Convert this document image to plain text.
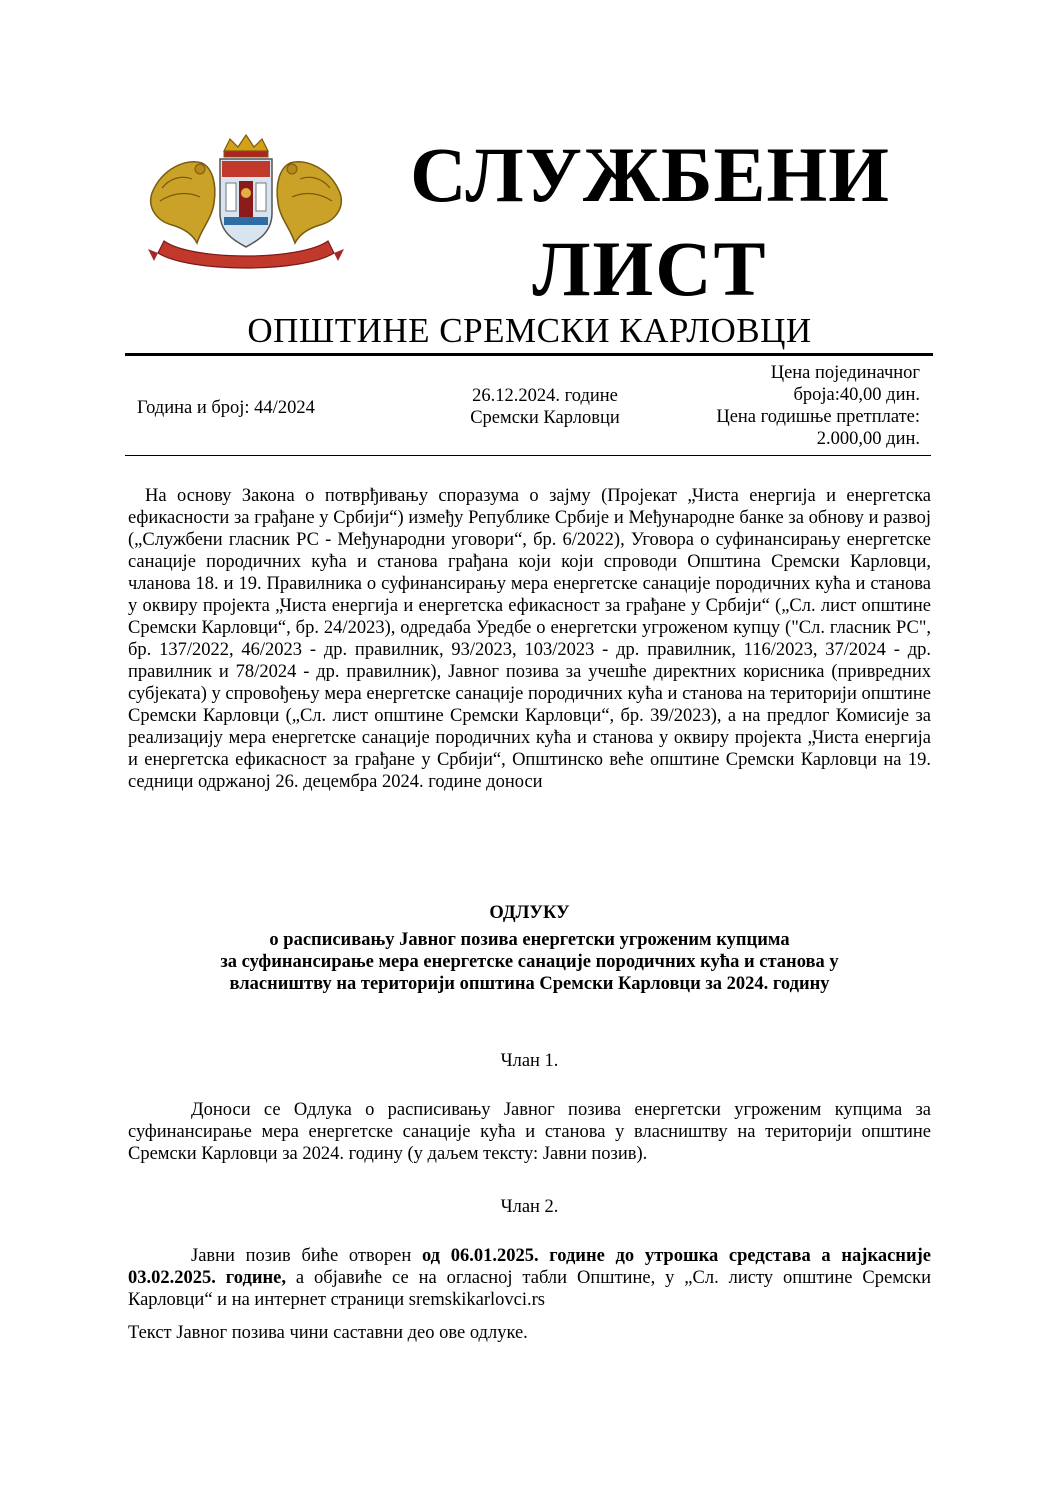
СЛУЖБЕНИ
ЛИСТ
ОПШТИНЕ СРЕМСКИ КАРЛОВЦИ
Година и број: 44/2024
26.12.2024. године
Сремски Карловци
Цена појединачног
броја:40,00 дин.
Цена годишње претплате:
2.000,00 дин.
На основу Закона о потврђивању споразума о зајму (Пројекат „Чиста енергија и енергетска ефикасности за грађане у Србији“) између Републике Србије и Међународне банке за обнову и развој („Службени гласник РС - Међународни уговори“, бр. 6/2022), Уговора о суфинансирању енергетске санације породичних кућа и станова грађана који који спроводи Општина Сремски Карловци, чланова 18. и 19. Правилника о суфинансирању мера енергетске санације породичних кућа и станова у оквиру пројекта „Чиста енергија и енергетска ефикасност за грађане у Србији“ („Сл. лист општине Сремски Карловци“, бр. 24/2023), одредаба Уредбе о енергетски угроженом купцу ("Сл. гласник РС", бр. 137/2022, 46/2023 - др. правилник, 93/2023, 103/2023 - др. правилник, 116/2023, 37/2024 - др. правилник и 78/2024 - др. правилник), Јавног позива за учешће директних корисника (привредних субјеката) у спровођењу мера енергетске санације породичних кућа и станова на територији општине Сремски Карловци („Сл. лист општине Сремски Карловци“, бр. 39/2023), а на предлог Комисије за реализацију мера енергетске санације породичних кућа и станова у оквиру пројекта „Чиста енергија и енергетска ефикасност за грађане у Србији“, Општинско веће општине Сремски Карловци на 19. седници одржаној 26. децембра 2024. године доноси
ОДЛУКУ
о расписивању Јавног позива енергетски угроженим купцима
за суфинансирање мера енергетске санације породичних кућа и станова у
власништву на територији општина Сремски Карловци за 2024. годину
Члан 1.
Доноси се Одлука о расписивању Јавног позива енергетски угроженим купцима за суфинансирање мера енергетске санације кућа и станова у власништву на територији општине Сремски Карловци за 2024. годину (у даљем тексту: Јавни позив).
Члан 2.
Јавни позив биће отворен од 06.01.2025. године до утрошка средстава а најкасније 03.02.2025. године, а објавиће се на огласној табли Општине, у „Сл. листу општине Сремски Карловци“ и на интернет страници sremskikarlovci.rs
Текст Јавног позива чини саставни део ове одлуке.
